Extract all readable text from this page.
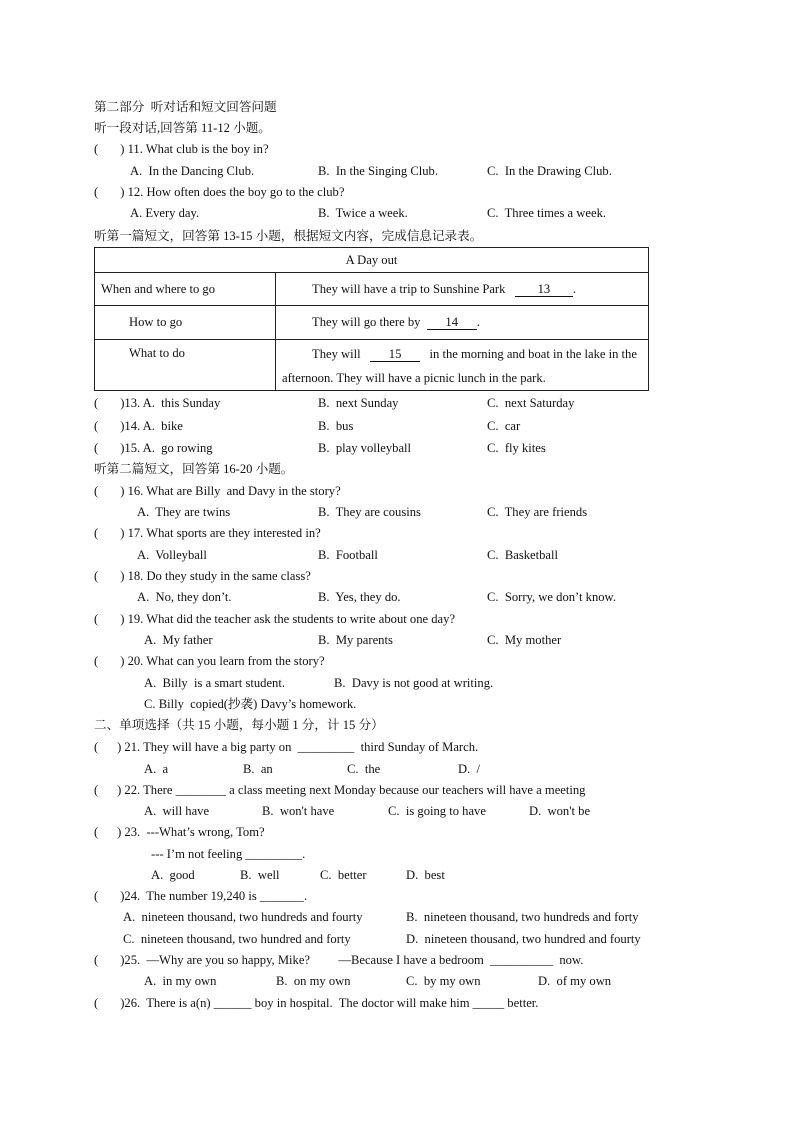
第二部分  听对话和短文回答问题
听一段对话,回答第 11-12 小题。
(       ) 11. What club is the boy in?
A.  In the Dancing Club.	B.  In the Singing Club.	C.  In the Drawing Club.
(       ) 12. How often does the boy go to the club?
A. Every day.	B.  Twice a week.	C.  Three times a week.
听第一篇短文，回答第 13-15 小题，根据短文内容，完成信息记录表。
A Day out	
When and where to go	They will have a trip to Sunshine Park 13 .
How to go	They will go there by 14 .
What to do	They will 15 in the morning and boat in the lake in the
afternoon. They will have a picnic lunch in the park.
(       )13. A.  this Sunday	B.  next Sunday	C.  next Saturday
(       )14. A.  bike	B.  bus	C.  car
(       )15. A.  go rowing	B.  play volleyball	C.  fly kites
听第二篇短文，回答第 16-20 小题。
(       ) 16. What are Billy  and Davy in the story?
A.  They are twins	B.  They are cousins	C.  They are friends
(       ) 17. What sports are they interested in?
A.  Volleyball	B.  Football	C.  Basketball
(       ) 18. Do they study in the same class?
A.  No, they don’t.	B.  Yes, they do.	C.  Sorry, we don’t know.
(       ) 19. What did the teacher ask the students to write about one day?
A.  My father	B.  My parents	C.  My mother
(       ) 20. What can you learn from the story?
A.  Billy  is a smart student.	B.  Davy is not good at writing.
C. Billy  copied(抄袭) Davy’s homework.
二、单项选择（共 15 小题，每小题 1 分，计 15 分）
(      ) 21. They will have a big party on  _________  third Sunday of March.
A.  a	B.  an	C.  the	D.  /
(      ) 22. There ________ a class meeting next Monday because our teachers will have a meeting
A.  will have	B.  won't have	C.  is going to have	D.  won't be
(      ) 23.  ---What’s wrong, Tom?
--- I’m not feeling _________.
A.  good	B.  well	C.  better	D.  best
(       )24.  The number 19,240 is _______.
A.  nineteen thousand, two hundreds and fourty	B.  nineteen thousand, two hundreds and forty
C.  nineteen thousand, two hundred and forty	D.  nineteen thousand, two hundred and fourty
(       )25.  —Why are you so happy, Mike?         —Because I have a bedroom  __________  now.
A.  in my own	B.  on my own	C.  by my own	D.  of my own
(       )26.  There is a(n) ______ boy in hospital.  The doctor will make him _____ better.
